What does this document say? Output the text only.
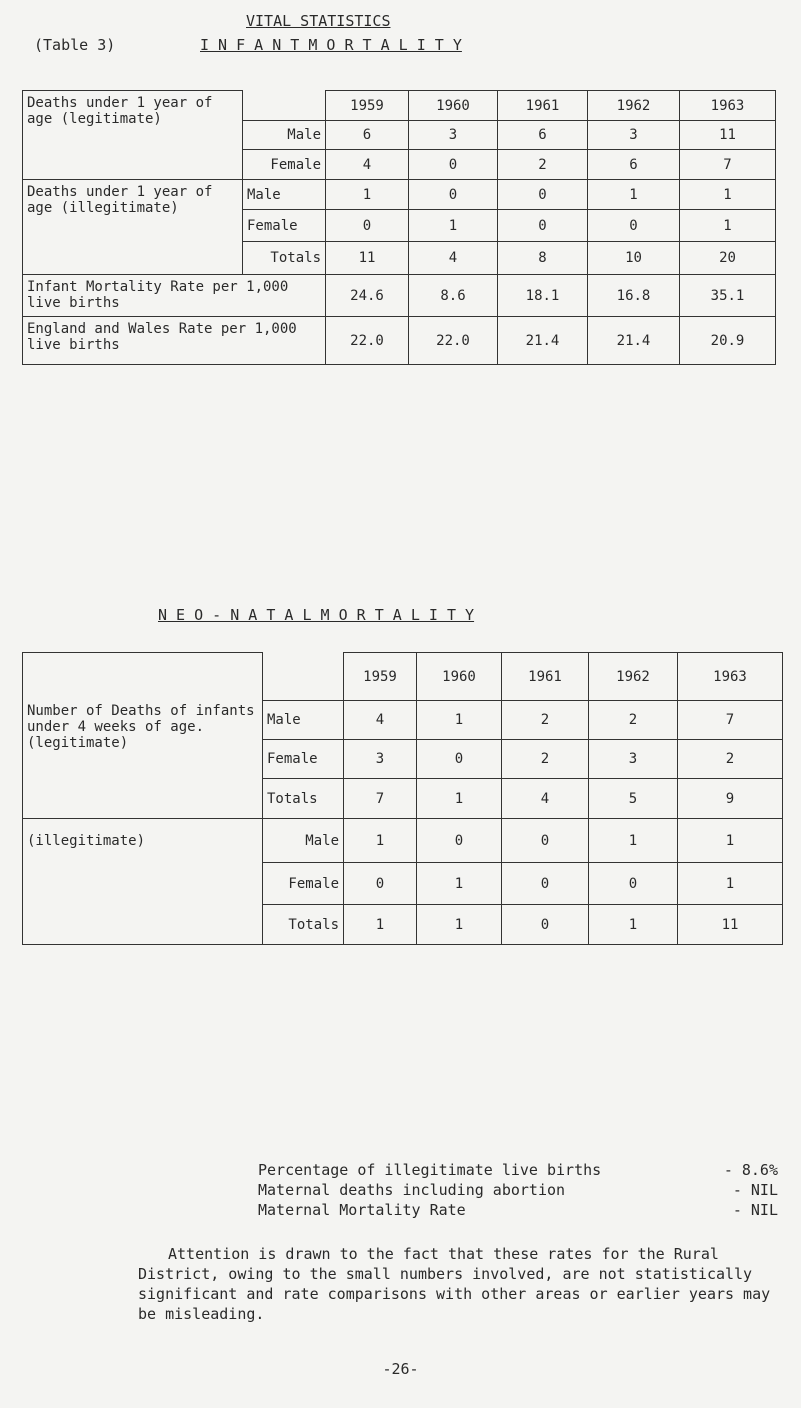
VITAL STATISTICS
(Table 3)	I N F A N T M O R T A L I T Y
Deaths under 1 year of age (legitimate)		1959	1960	1961	1962	1963
	Male	6	3	6	3	11
	Female	4	0	2	6	7
Deaths under 1 year of age (illegitimate)	Male	1	0	0	1	1
	Female	0	1	0	0	1
	Totals	11	4	8	10	20
Infant Mortality Rate per 1,000 live births		24.6	8.6	18.1	16.8	35.1
England and Wales Rate per 1,000 live births		22.0	22.0	21.4	21.4	20.9
N E O - N A T A L M O R T A L I T Y
Number of Deaths of infants under 4 weeks of age. (legitimate)		1959	1960	1961	1962	1963
	Male	4	1	2	2	7
	Female	3	0	2	3	2
	Totals	7	1	4	5	9
(illegitimate)	Male	1	0	0	1	1
	Female	0	1	0	0	1
	Totals	1	1	0	1	11
Percentage of illegitimate live births	- 8.6%
Maternal deaths including abortion	- NIL
Maternal Mortality Rate	- NIL
Attention is drawn to the fact that these rates for the Rural District, owing to the small numbers involved, are not statistically significant and rate comparisons with other areas or earlier years may be misleading.
-26-
